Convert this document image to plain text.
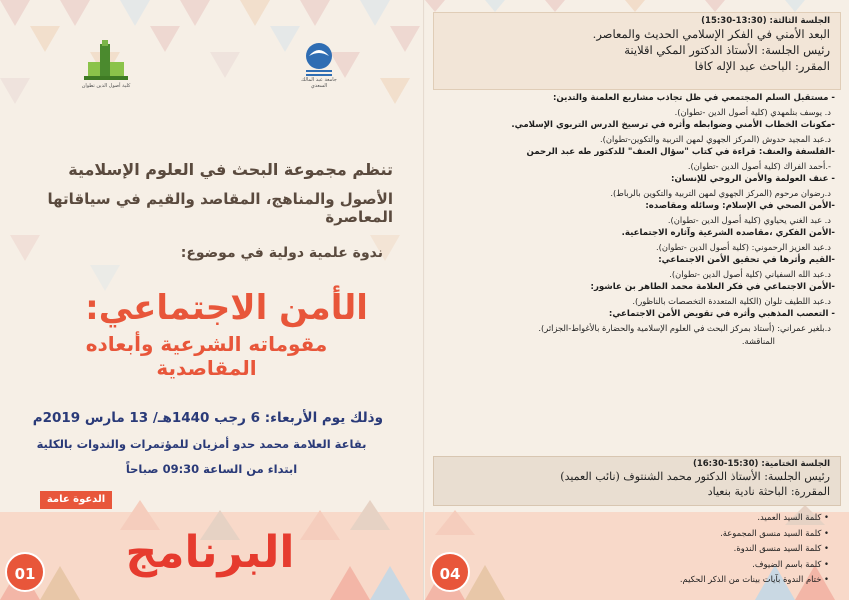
كلية أصول الدين تطوان
جامعة عبد المالك السعدي
تنظم مجموعة البحث في العلوم الإسلامية
الأصول والمناهج، المقاصد والقيم في سياقاتها المعاصرة
ندوة علمية دولية في موضوع:
الأمن الاجتماعي:
مقوماته الشرعية وأبعاده المقاصدية
وذلك يوم الأربعاء: 6 رجب 1440هـ/ 13 مارس 2019م
بقاعة العلامة محمد حدو أمزيان للمؤتمرات والندوات بالكلية
ابتداء من الساعة 09:30 صباحاً
الدعوة عامة
البرنامج
01
الجلسة الثالثة: (13:30-15:30)
البعد الأمني في الفكر الإسلامي الحديث والمعاصر.
رئيس الجلسة: الأستاذ الدكتور المكي اقلاينة
المقرر: الباحث عبد الإله كافا
- مستقبل السلم المجتمعي في ظل تجاذب مشاريع العلمنة والتدين:
د. يوسف بنلمهدي (كلية أصول الدين -تطوان).
-مكونات الخطاب الأمني وضوابطه وأثره في ترسيخ الدرس التربوي الإسلامي.
د.عبد المجيد حدوش (المركز الجهوي لمهن التربية والتكوين-تطوان).
-الفلسفة والعنف: قراءة في كتاب "سؤال العنف" للدكتور طه عبد الرحمن
-.أحمد الفراك (كلية أصول الدين -تطوان).
- عنف العولمة والأمن الروحي للإنسان:
د.رضوان مرحوم (المركز الجهوي لمهن التربية والتكوين بالرباط).
-الأمن الصحي في الإسلام: وسائله ومقاصده:
د. عبد الغني يحياوي (كلية أصول الدين -تطوان).
-الأمن الفكري ،مقاصده الشرعية وآثاره الاجتماعية.
د.عبد العزيز الرحموني: (كلية أصول الدين -تطوان).
-القيم وأثرها في تحقيق الأمن الاجتماعي:
د.عبد الله السفياني (كلية أصول الدين -تطوان).
-الأمن الاجتماعي في فكر العلامة محمد الطاهر بن عاشور:
د.عبد اللطيف تلوان (الكلية المتعددة التخصصات بالناظور).
- التعصب المذهبي وأثره في تقويض الأمن الاجتماعي:
د.بلغير عمراني: (أستاذ بمركز البحث في العلوم الإسلامية والحضارة بالأغواط-الجزائر).
المناقشة.
الجلسة الختامية: (15:30-16:30)
رئيس الجلسة: الأستاذ الدكتور محمد الشنتوف (نائب العميد)
المقررة: الباحثة نادية بنعياد
• كلمة السيد العميد.
• كلمة السيد منسق المجموعة.
• كلمة السيد منسق الندوة.
• كلمة باسم الضيوف.
• ختام الندوة بآيات بينات من الذكر الحكيم.
04
